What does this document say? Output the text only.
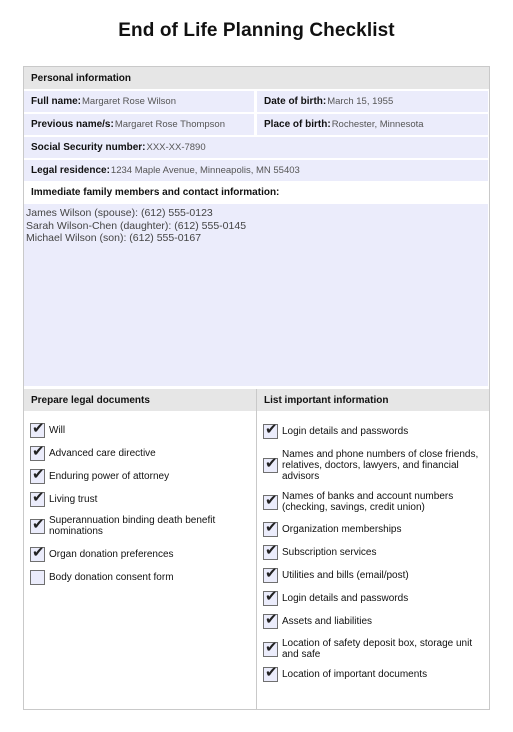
End of Life Planning Checklist
Personal information
Full name: Margaret Rose Wilson	Date of birth: March 15, 1955
Previous name/s: Margaret Rose Thompson	Place of birth: Rochester, Minnesota
Social Security number: XXX-XX-7890
Legal residence: 1234 Maple Avenue, Minneapolis, MN 55403
Immediate family members and contact information:
James Wilson (spouse): (612) 555-0123
Sarah Wilson-Chen (daughter): (612) 555-0145
Michael Wilson (son): (612) 555-0167
Prepare legal documents	List important information
✔ Will
✔ Advanced care directive
✔ Enduring power of attorney
✔ Living trust
✔ Superannuation binding death benefit nominations
✔ Organ donation preferences
Body donation consent form
✔ Login details and passwords
✔
Names and phone numbers of close friends, relatives, doctors, lawyers, and financial advisors
✔ Names of banks and account numbers (checking, savings, credit union)
✔ Organization memberships
✔ Subscription services
✔ Utilities and bills (email/post)
✔ Login details and passwords
✔ Assets and liabilities
✔ Location of safety deposit box, storage unit and safe
✔ Location of important documents
